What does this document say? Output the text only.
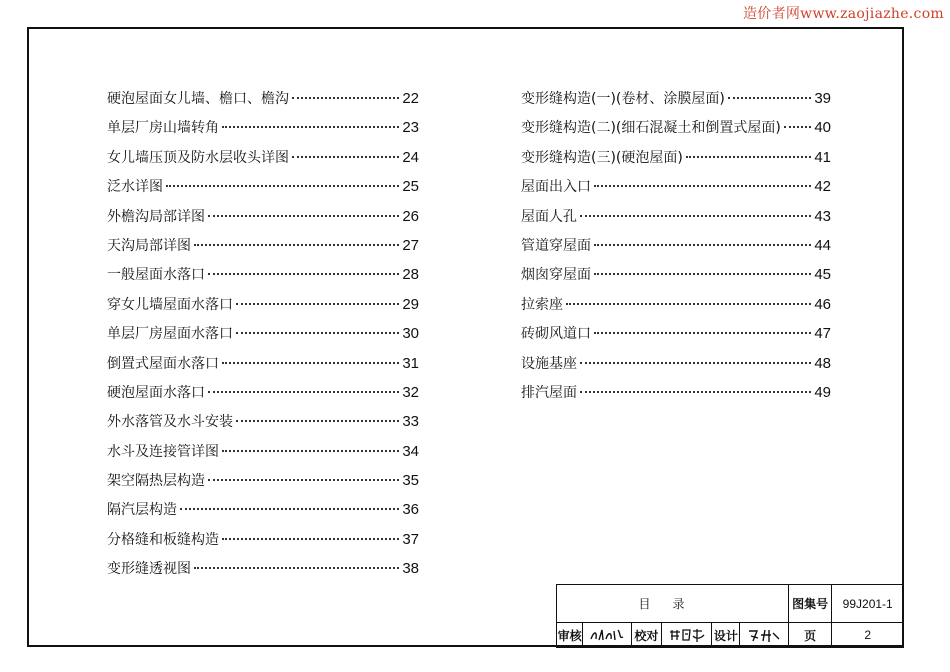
造价者网www.zaojiazhe.com
硬泡屋面女儿墙、檐口、檐沟	22
单层厂房山墙转角	23
女儿墙压顶及防水层收头详图	24
泛水详图	25
外檐沟局部详图	26
天沟局部详图	27
一般屋面水落口	28
穿女儿墙屋面水落口	29
单层厂房屋面水落口	30
倒置式屋面水落口	31
硬泡屋面水落口	32
外水落管及水斗安装	33
水斗及连接管详图	34
架空隔热层构造	35
隔汽层构造	36
分格缝和板缝构造	37
变形缝透视图	38
变形缝构造(一)(卷材、涂膜屋面)	39
变形缝构造(二)(细石混凝土和倒置式屋面) 40
变形缝构造(三)(硬泡屋面)	41
屋面出入口	42
屋面人孔	43
管道穿屋面	44
烟囱穿屋面	45
拉索座	46
砖砌风道口	47
设施基座	48
排汽屋面	49
目录						图集号	99J201-1
审核		校对		设计		页	2
